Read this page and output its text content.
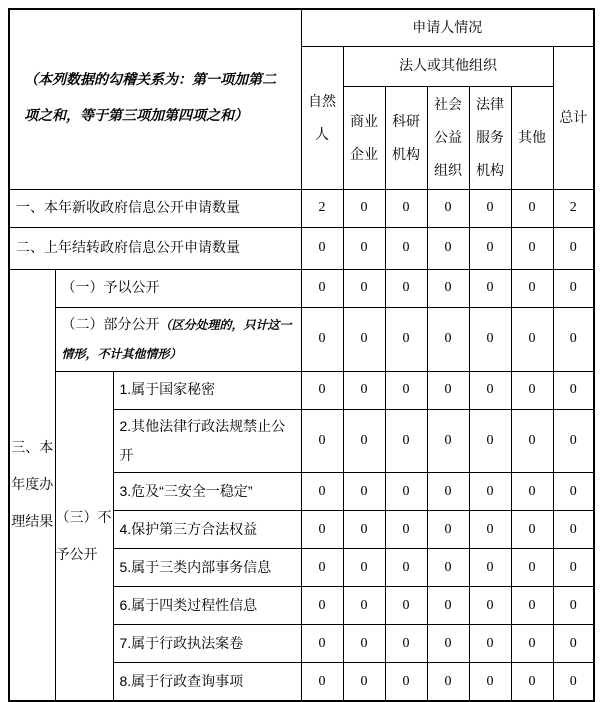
（本列数据的勾稽关系为：第一项加第二项之和，等于第三项加第四项之和）			申请人情况						
			自然人	法人或其他组织					总计
				商业企业	科研机构	社会公益组织	法律服务机构	其他	
一、本年新收政府信息公开申请数量			2	0	0	0	0	0	2
二、上年结转政府信息公开申请数量			0	0	0	0	0	0	0
三、本年度办理结果	（一）予以公开		0	0	0	0	0	0	0
	（二）部分公开（区分处理的，只计这一情形，不计其他情形）		0	0	0	0	0	0	0
	（三）不予公开	1.属于国家秘密	0	0	0	0	0	0	0
		2.其他法律行政法规禁止公开	0	0	0	0	0	0	0
		3.危及“三安全一稳定”	0	0	0	0	0	0	0
		4.保护第三方合法权益	0	0	0	0	0	0	0
		5.属于三类内部事务信息	0	0	0	0	0	0	0
		6.属于四类过程性信息	0	0	0	0	0	0	0
		7.属于行政执法案卷	0	0	0	0	0	0	0
		8.属于行政查询事项	0	0	0	0	0	0	0
